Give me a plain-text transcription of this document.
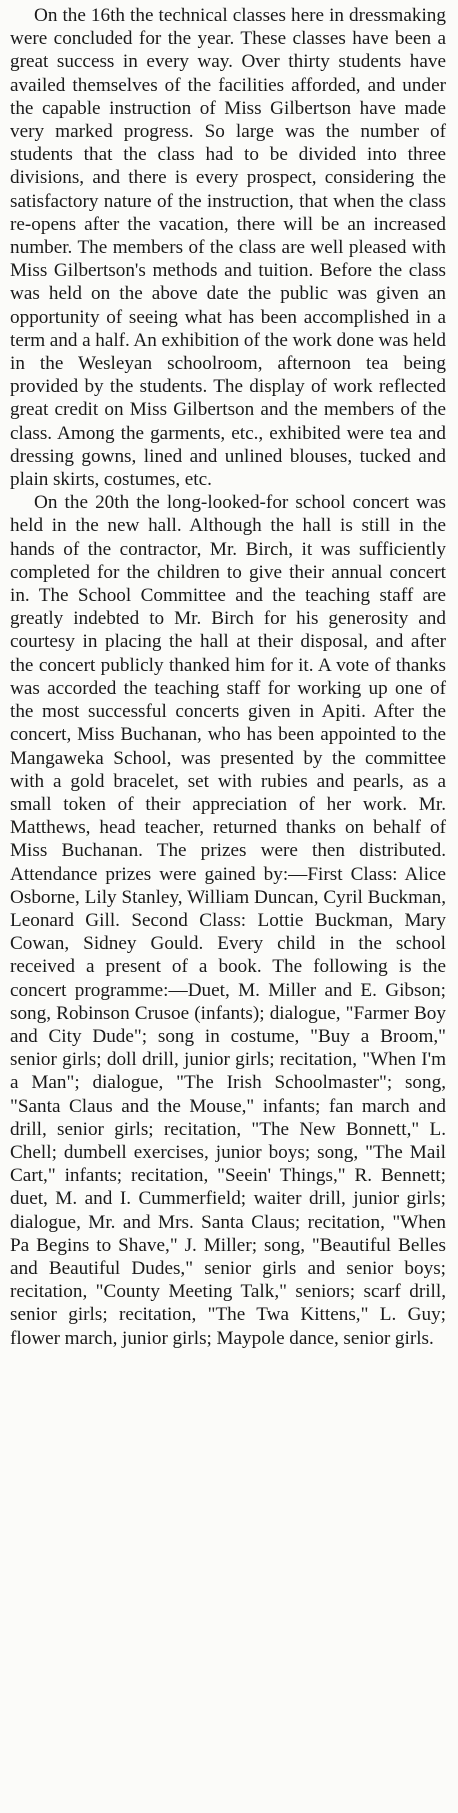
On the 16th the technical classes here in dressmaking were concluded for the year. These classes have been a great success in every way. Over thirty students have availed themselves of the facilities afforded, and under the capable instruction of Miss Gilbertson have made very marked progress. So large was the number of students that the class had to be divided into three divisions, and there is every prospect, considering the satisfactory nature of the instruction, that when the class re-opens after the vacation, there will be an increased number. The members of the class are well pleased with Miss Gilbertson's methods and tuition. Before the class was held on the above date the public was given an opportunity of seeing what has been accomplished in a term and a half. An exhibition of the work done was held in the Wesleyan schoolroom, afternoon tea being provided by the students. The display of work reflected great credit on Miss Gilbertson and the members of the class. Among the garments, etc., exhibited were tea and dressing gowns, lined and unlined blouses, tucked and plain skirts, costumes, etc.

On the 20th the long-looked-for school concert was held in the new hall. Although the hall is still in the hands of the contractor, Mr. Birch, it was sufficiently completed for the children to give their annual concert in. The School Committee and the teaching staff are greatly indebted to Mr. Birch for his generosity and courtesy in placing the hall at their disposal, and after the concert publicly thanked him for it. A vote of thanks was accorded the teaching staff for working up one of the most successful concerts given in Apiti. After the concert, Miss Buchanan, who has been appointed to the Mangaweka School, was presented by the committee with a gold bracelet, set with rubies and pearls, as a small token of their appreciation of her work. Mr. Matthews, head teacher, returned thanks on behalf of Miss Buchanan. The prizes were then distributed. Attendance prizes were gained by:—First Class: Alice Osborne, Lily Stanley, William Duncan, Cyril Buckman, Leonard Gill. Second Class: Lottie Buckman, Mary Cowan, Sidney Gould. Every child in the school received a present of a book. The following is the concert programme:—Duet, M. Miller and E. Gibson; song, Robinson Crusoe (infants); dialogue, "Farmer Boy and City Dude"; song in costume, "Buy a Broom," senior girls; doll drill, junior girls; recitation, "When I'm a Man"; dialogue, "The Irish Schoolmaster"; song, "Santa Claus and the Mouse," infants; fan march and drill, senior girls; recitation, "The New Bonnett," L. Chell; dumbell exercises, junior boys; song, "The Mail Cart," infants; recitation, "Seein' Things," R. Bennett; duet, M. and I. Cummerfield; waiter drill, junior girls; dialogue, Mr. and Mrs. Santa Claus; recitation, "When Pa Begins to Shave," J. Miller; song, "Beautiful Belles and Beautiful Dudes," senior girls and senior boys; recitation, "County Meeting Talk," seniors; scarf drill, senior girls; recitation, "The Twa Kittens," L. Guy; flower march, junior girls; Maypole dance, senior girls.
